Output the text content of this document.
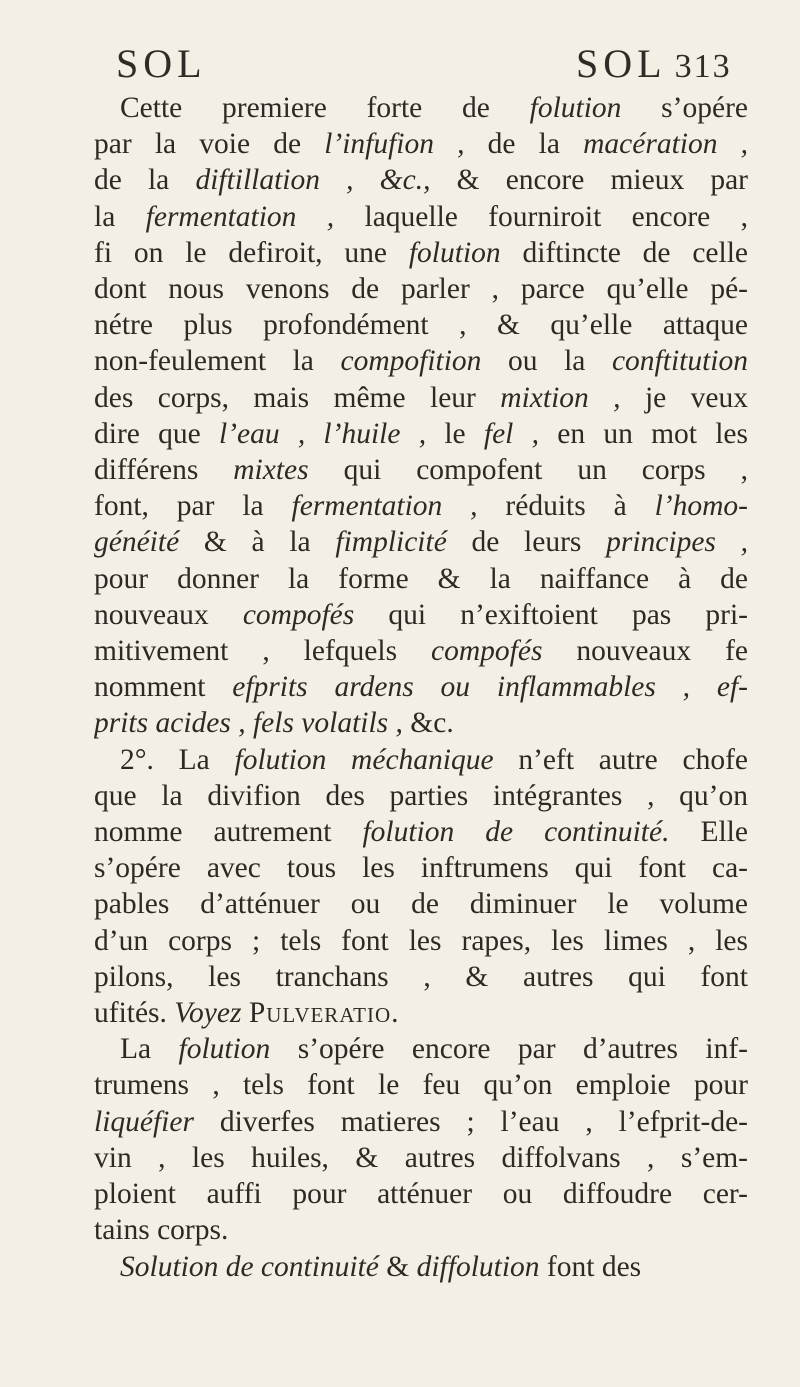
SOL	SOL 313
Cette premiere forte de folution s’opére
par la voie de l’infufion , de la macération ,
de la diftillation , &c., & encore mieux par
la fermentation , laquelle fourniroit encore ,
fi on le defiroit, une folution diftincte de celle
dont nous venons de parler , parce qu’elle pé-
nétre plus profondément , & qu’elle attaque
non-feulement la compofition ou la conftitution
des corps, mais même leur mixtion , je veux
dire que l’eau , l’huile , le fel , en un mot les
différens mixtes qui compofent un corps ,
font, par la fermentation , réduits à l’homo-
généité & à la fimplicité de leurs principes ,
pour donner la forme & la naiffance à de
nouveaux compofés qui n’exiftoient pas pri-
mitivement , lefquels compofés nouveaux fe
nomment efprits ardens ou inflammables , ef-
prits acides , fels volatils , &c.
2°. La folution méchanique n’eft autre chofe
que la divifion des parties intégrantes , qu’on
nomme autrement folution de continuité. Elle
s’opére avec tous les inftrumens qui font ca-
pables d’atténuer ou de diminuer le volume
d’un corps ; tels font les rapes, les limes , les
pilons, les tranchans , & autres qui font
ufités. Voyez Pulveratio.
La folution s’opére encore par d’autres inf-
trumens , tels font le feu qu’on emploie pour
liquéfier diverfes matieres ; l’eau , l’efprit-de-
vin , les huiles, & autres diffolvans , s’em-
ploient auffi pour atténuer ou diffoudre cer-
tains corps.
Solution de continuité & diffolution font des
